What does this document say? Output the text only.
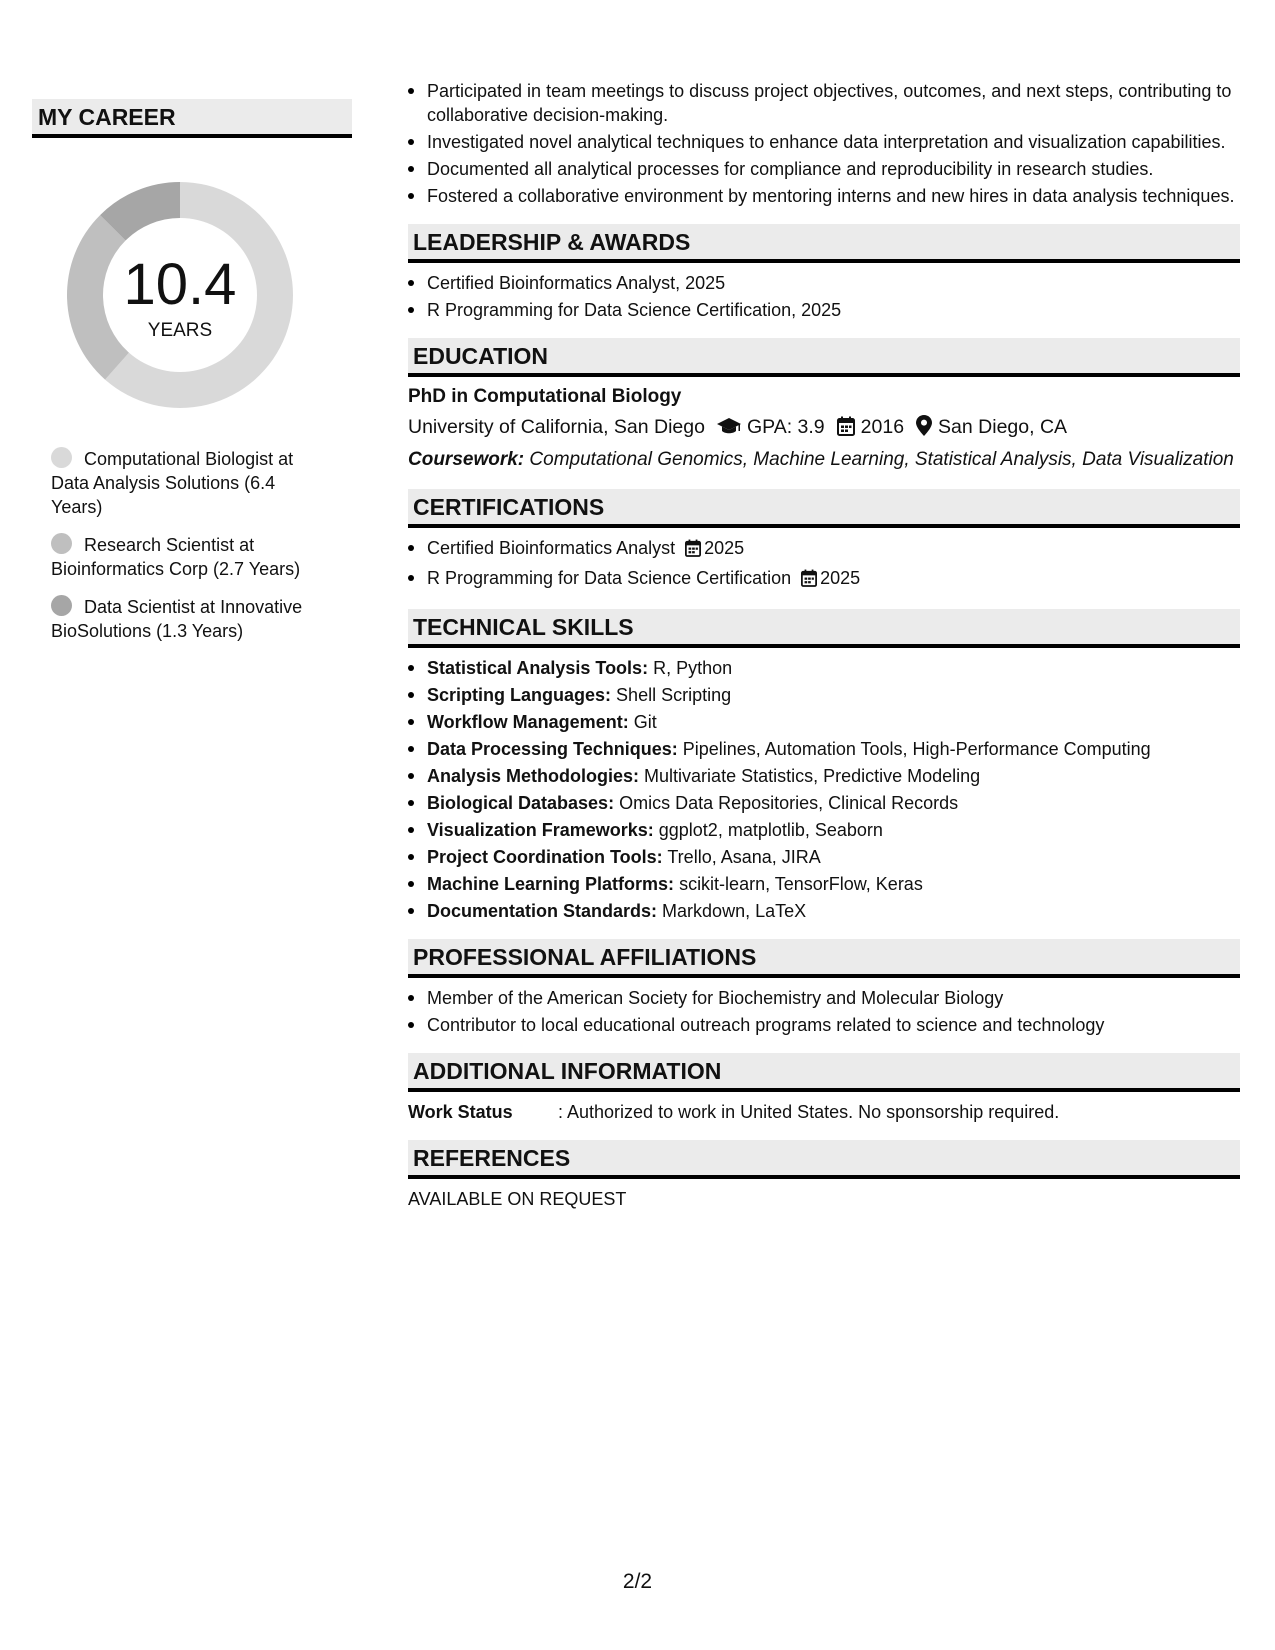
MY CAREER
10.4
YEARS
Computational Biologist at Data Analysis Solutions (6.4 Years)
Research Scientist at Bioinformatics Corp (2.7 Years)
Data Scientist at Innovative BioSolutions (1.3 Years)
Participated in team meetings to discuss project objectives, outcomes, and next steps, contributing to collaborative decision-making.
Investigated novel analytical techniques to enhance data interpretation and visualization capabilities.
Documented all analytical processes for compliance and reproducibility in research studies.
Fostered a collaborative environment by mentoring interns and new hires in data analysis techniques.
LEADERSHIP & AWARDS
Certified Bioinformatics Analyst, 2025
R Programming for Data Science Certification, 2025
EDUCATION
PhD in Computational Biology
University of California, San Diego GPA: 3.9 2016 San Diego, CA
Coursework: Computational Genomics, Machine Learning, Statistical Analysis, Data Visualization
CERTIFICATIONS
Certified Bioinformatics Analyst 2025
R Programming for Data Science Certification 2025
TECHNICAL SKILLS
Statistical Analysis Tools: R, Python
Scripting Languages: Shell Scripting
Workflow Management: Git
Data Processing Techniques: Pipelines, Automation Tools, High-Performance Computing
Analysis Methodologies: Multivariate Statistics, Predictive Modeling
Biological Databases: Omics Data Repositories, Clinical Records
Visualization Frameworks: ggplot2, matplotlib, Seaborn
Project Coordination Tools: Trello, Asana, JIRA
Machine Learning Platforms: scikit-learn, TensorFlow, Keras
Documentation Standards: Markdown, LaTeX
PROFESSIONAL AFFILIATIONS
Member of the American Society for Biochemistry and Molecular Biology
Contributor to local educational outreach programs related to science and technology
ADDITIONAL INFORMATION
Work Status	: Authorized to work in United States. No sponsorship required.
REFERENCES
AVAILABLE ON REQUEST
2/2
